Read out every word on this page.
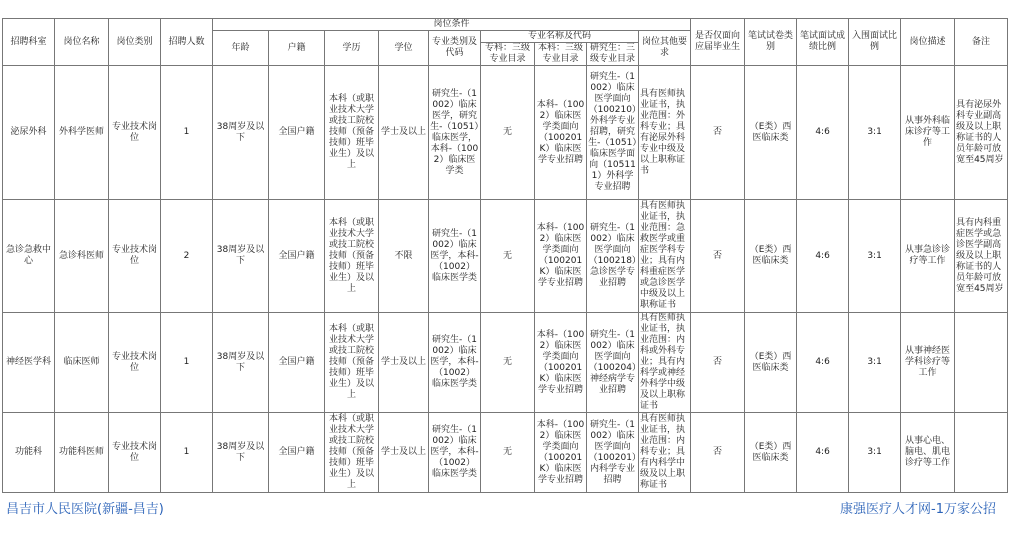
招聘科室	岗位名称	岗位类别	招聘人数	岗位条件									是否仅面向应届毕业生	笔试试卷类别	笔试面试成绩比例	入围面试比例	岗位描述	备注
				年龄	户籍	学历	学位	专业类别及代码	专业名称及代码			岗位其他要求						
									专科：三级专业目录	本科：三级专业目录	研究生：三级专业目录							
泌尿外科	外科学医师	专业技术岗位	1	38周岁及以下	全国户籍	本科（或职业技术大学或技工院校技师（预备技师）班毕业生）及以上	学士及以上	研究生-（1002）临床医学，研究生-（1051）临床医学，本科-（1002）临床医学类	无	本科-（1002）临床医学类面向（100201K）临床医学专业招聘	研究生-（1002）临床医学面向（100210）外科学专业招聘，研究生-（1051）临床医学面向（105111）外科学专业招聘	具有医师执业证书，执业范围：外科专业；具有泌尿外科专业中级及以上职称证书	否	（E类）西医临床类	4:6	3:1	从事外科临床诊疗等工作	具有泌尿外科专业副高级及以上职称证书的人员年龄可放宽至45周岁
急诊急救中心	急诊科医师	专业技术岗位	2	38周岁及以下	全国户籍	本科（或职业技术大学或技工院校技师（预备技师）班毕业生）及以上	不限	研究生-（1002）临床医学，本科-（1002）临床医学类	无	本科-（1002）临床医学类面向（100201K）临床医学专业招聘	研究生-（1002）临床医学面向（100218）急诊医学专业招聘	具有医师执业证书，执业范围：急救医学或重症医学科专业；具有内科重症医学或急诊医学中级及以上职称证书	否	（E类）西医临床类	4:6	3:1	从事急诊诊疗等工作	具有内科重症医学或急诊医学副高级及以上职称证书的人员年龄可放宽至45周岁
神经医学科	临床医师	专业技术岗位	1	38周岁及以下	全国户籍	本科（或职业技术大学或技工院校技师（预备技师）班毕业生）及以上	学士及以上	研究生-（1002）临床医学，本科-（1002）临床医学类	无	本科-（1002）临床医学类面向（100201K）临床医学专业招聘	研究生-（1002）临床医学面向（100204）神经病学专业招聘	具有医师执业证书，执业范围：内科或外科专业；具有内科学或神经外科学中级及以上职称证书	否	（E类）西医临床类	4:6	3:1	从事神经医学科诊疗等工作	
功能科	功能科医师	专业技术岗位	1	38周岁及以下	全国户籍	本科（或职业技术大学或技工院校技师（预备技师）班毕业生）及以上	学士及以上	研究生-（1002）临床医学，本科-（1002）临床医学类	无	本科-（1002）临床医学类面向（100201K）临床医学专业招聘	研究生-（1002）临床医学面向（100201）内科学专业招聘	具有医师执业证书，执业范围：内科专业；具有内科学中级及以上职称证书	否	（E类）西医临床类	4:6	3:1	从事心电、脑电、肌电诊疗等工作	
昌吉市人民医院(新疆-昌吉)	康强医疗人才网-1万家公招
